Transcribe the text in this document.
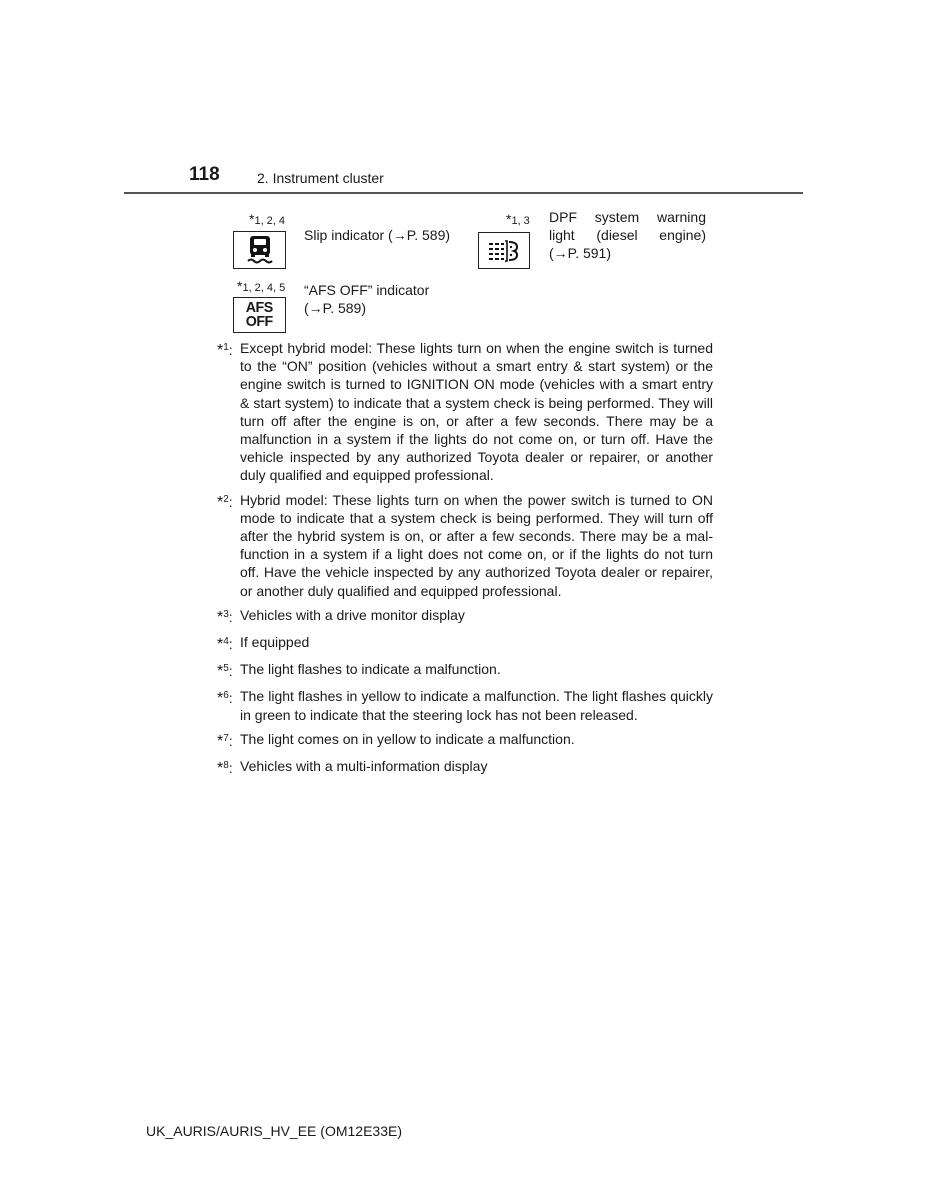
118	2. Instrument cluster
*1, 2, 4
Slip indicator (→P. 589)
*1, 3 DPF system warning
light (diesel engine)
(→P. 591)
*1, 2, 4, 5
AFS
OFF
“AFS OFF” indicator
(→P. 589)
*$^1$: Except hybrid model: These lights turn on when the engine switch is turned to the “ON” position (vehicles without a smart entry & start system) or the engine switch is turned to IGNITION ON mode (vehicles with a smart entry & start system) to indicate that a system check is being performed. They will turn off after the engine is on, or after a few seconds. There may be a malfunction in a system if the lights do not come on, or turn off. Have the vehicle inspected by any authorized Toyota dealer or repairer, or another duly qualified and equipped professional.
*$^2$: Hybrid model: These lights turn on when the power switch is turned to ON mode to indicate that a system check is being performed. They will turn off after the hybrid system is on, or after a few seconds. There may be a malfunction in a system if a light does not come on, or if the lights do not turn off. Have the vehicle inspected by any authorized Toyota dealer or repairer, or another duly qualified and equipped professional.
*$^3$: Vehicles with a drive monitor display
*$^4$: If equipped
*$^5$: The light flashes to indicate a malfunction.
*$^6$: The light flashes in yellow to indicate a malfunction. The light flashes quickly in green to indicate that the steering lock has not been released.
*$^7$: The light comes on in yellow to indicate a malfunction.
*$^8$: Vehicles with a multi-information display
UK_AURIS/AURIS_HV_EE (OM12E33E)
